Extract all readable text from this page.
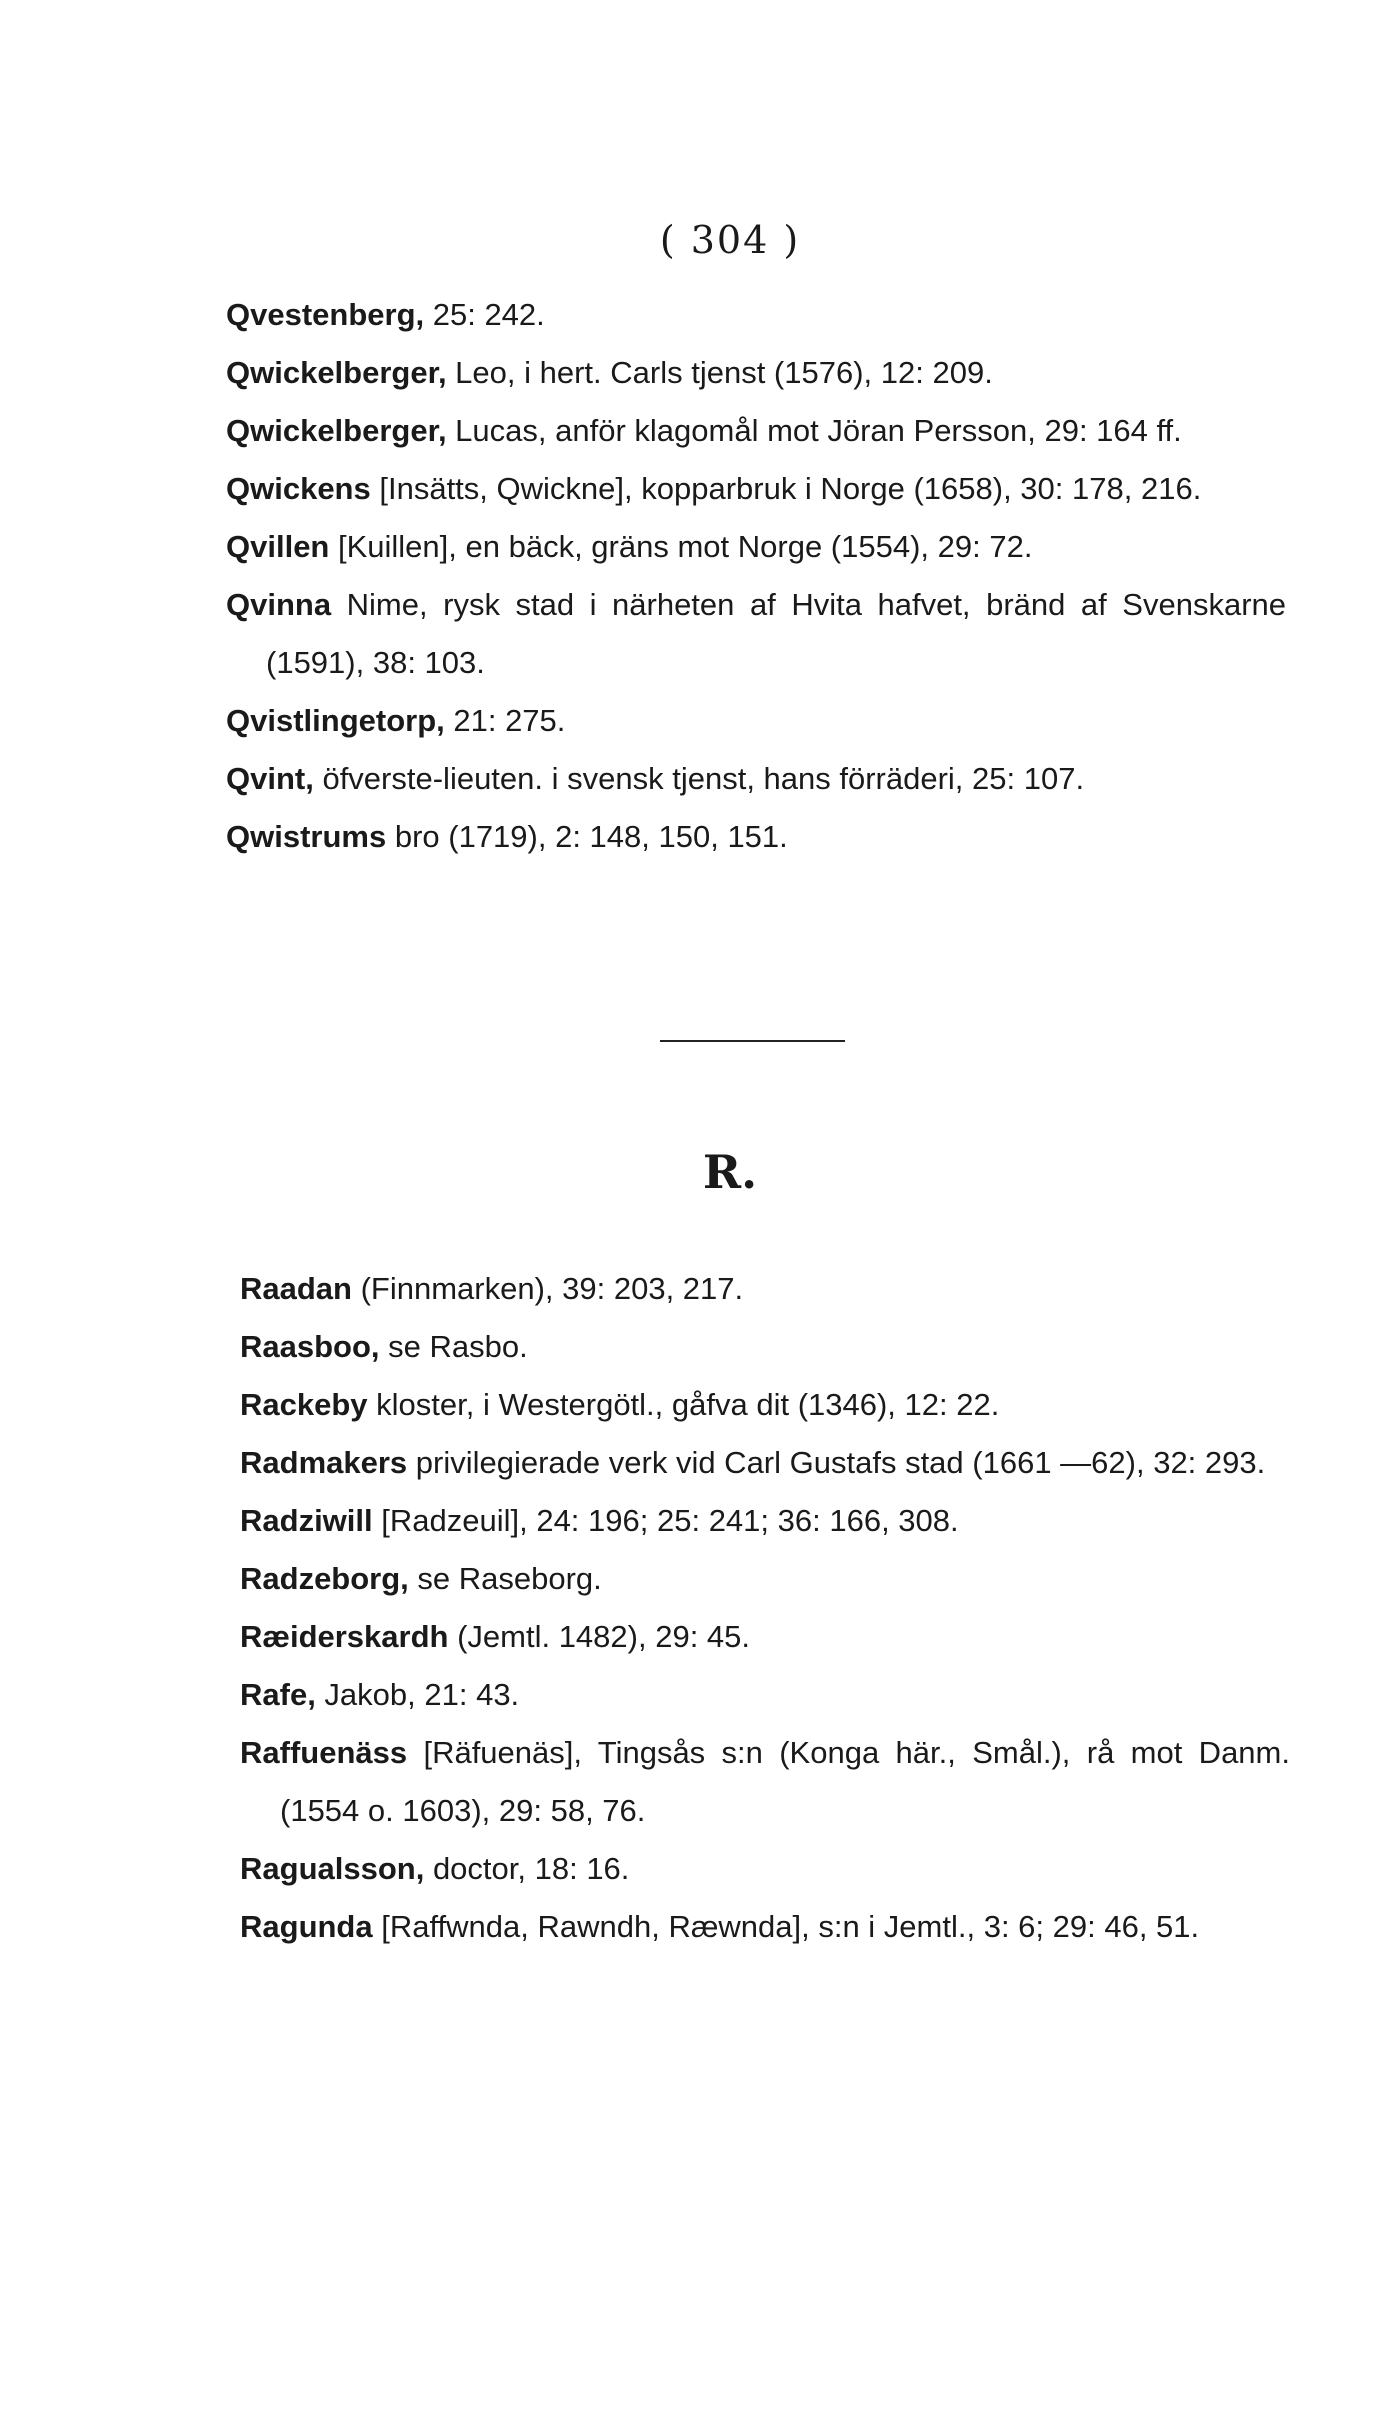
( 304 )

Qvestenberg, 25: 242.

Qwickelberger, Leo, i hert. Carls tjenst (1576), 12: 209.

Qwickelberger, Lucas, anför klagomål mot Jöran Persson, 29: 164 ff.

Qwickens [Insätts, Qwickne], kopparbruk i Norge (1658), 30: 178, 216.

Qvillen [Kuillen], en bäck, gräns mot Norge (1554), 29: 72.

Qvinna Nime, rysk stad i närheten af Hvita hafvet, bränd af Svenskarne (1591), 38: 103.

Qvistlingetorp, 21: 275.

Qvint, öfverste-lieuten. i svensk tjenst, hans förräderi, 25: 107.

Qwistrums bro (1719), 2: 148, 150, 151.

R.

Raadan (Finnmarken), 39: 203, 217.

Raasboo, se Rasbo.

Rackeby kloster, i Westergötl., gåfva dit (1346), 12: 22.

Radmakers privilegierade verk vid Carl Gustafs stad (1661 —62), 32: 293.

Radziwill [Radzeuil], 24: 196; 25: 241; 36: 166, 308.

Radzeborg, se Raseborg.

Ræiderskardh (Jemtl. 1482), 29: 45.

Rafe, Jakob, 21: 43.

Raffuenäss [Räfuenäs], Tingsås s:n (Konga här., Smål.), rå mot Danm. (1554 o. 1603), 29: 58, 76.

Ragualsson, doctor, 18: 16.

Ragunda [Raffwnda, Rawndh, Ræwnda], s:n i Jemtl., 3: 6; 29: 46, 51.
